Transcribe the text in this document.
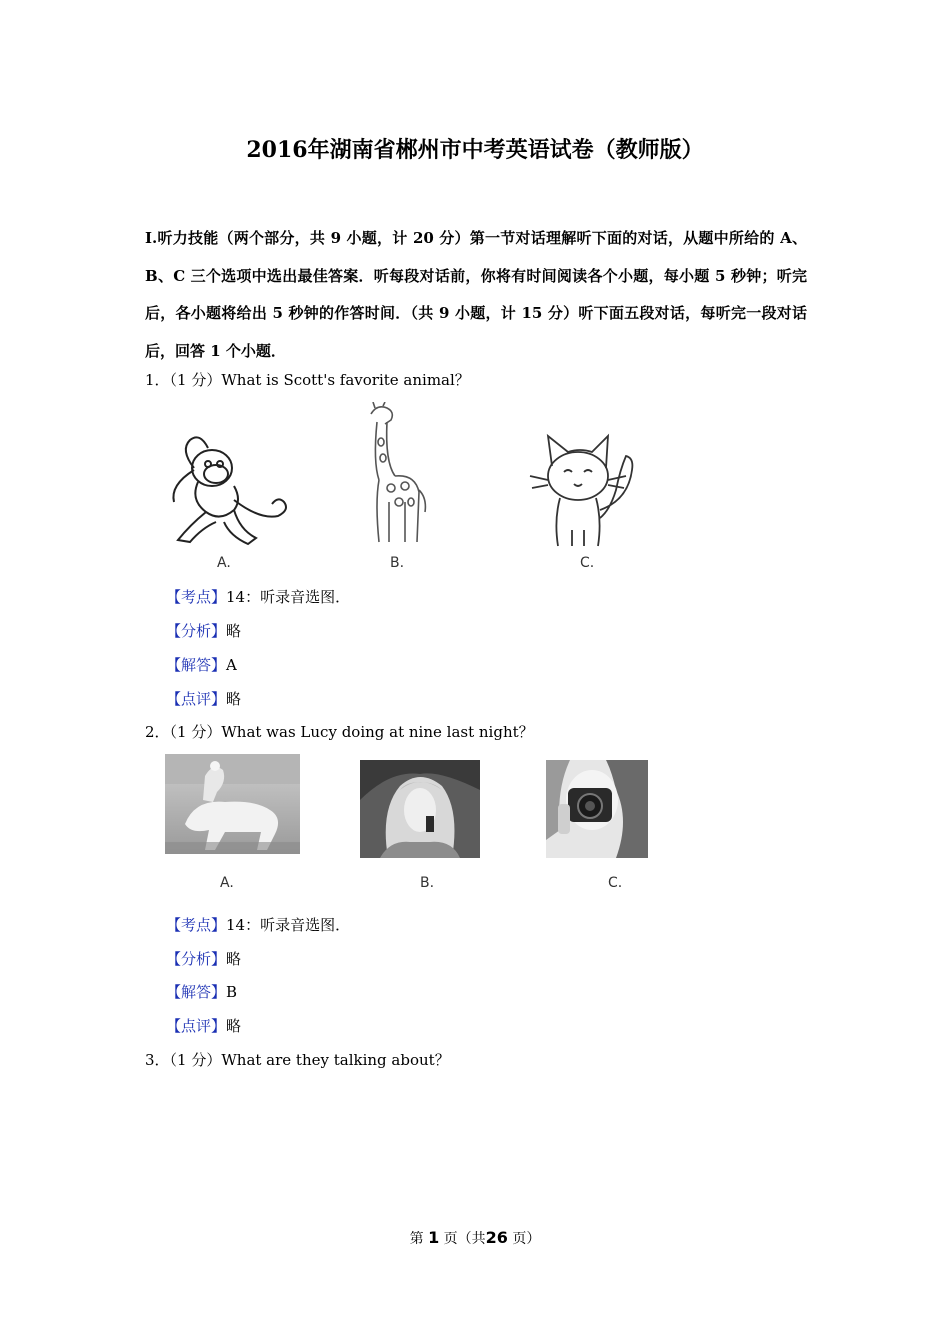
2016年湖南省郴州市中考英语试卷（教师版）
I.听力技能（两个部分，共 9 小题，计 20 分）第一节对话理解听下面的对话，从题中所给的 A、B、C 三个选项中选出最佳答案．听每段对话前，你将有时间阅读各个小题，每小题 5 秒钟；听完后，各小题将给出 5 秒钟的作答时间．（共 9 小题，计 15 分）听下面五段对话，每听完一段对话后，回答 1 个小题．
1．（1 分）What is Scott's favorite animal？
A.	B.	C.
【考点】14：听录音选图．
【分析】略
【解答】A
【点评】略
2．（1 分）What was Lucy doing at nine last night？
A.	B.	C.
【考点】14：听录音选图．
【分析】略
【解答】B
【点评】略
3．（1 分）What are they talking about？
第 1 页（共26 页）
